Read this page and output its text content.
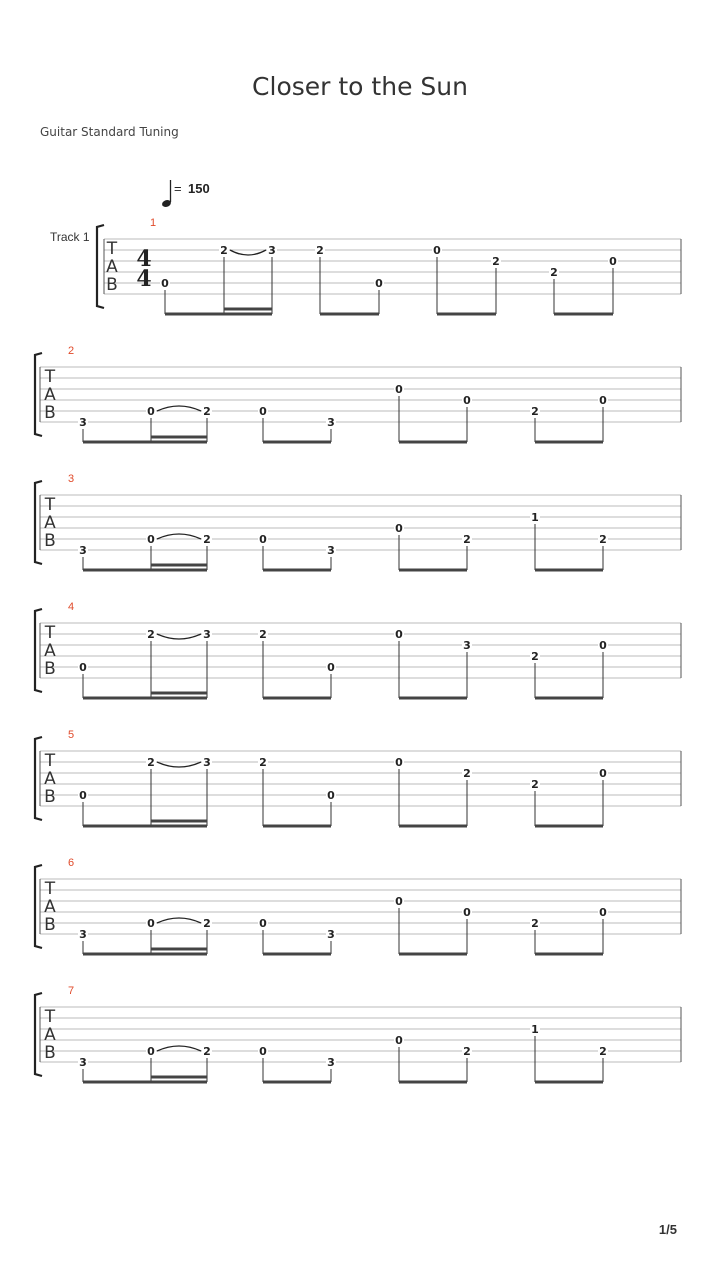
Closer to the Sun
Guitar Standard Tuning
= 150
1
Track 1
T
A
B
4
4 0
2	3	2
0
0
2
2
0
2
T
A
B 3
0	2	0
3
0
0
2
0
3
T
A
B 3
0	2	0
3
0
2
1
2
4
T
A
B 0
2	3	2
0
0
3
2
0
5
T
A
B 0
2	3	2
0
0
2
2
0
6
T
A
B 3
0	2	0
3
0
0
2
0
7
T
A
B 3
0	2	0
3
0
2
1
2
1/5
